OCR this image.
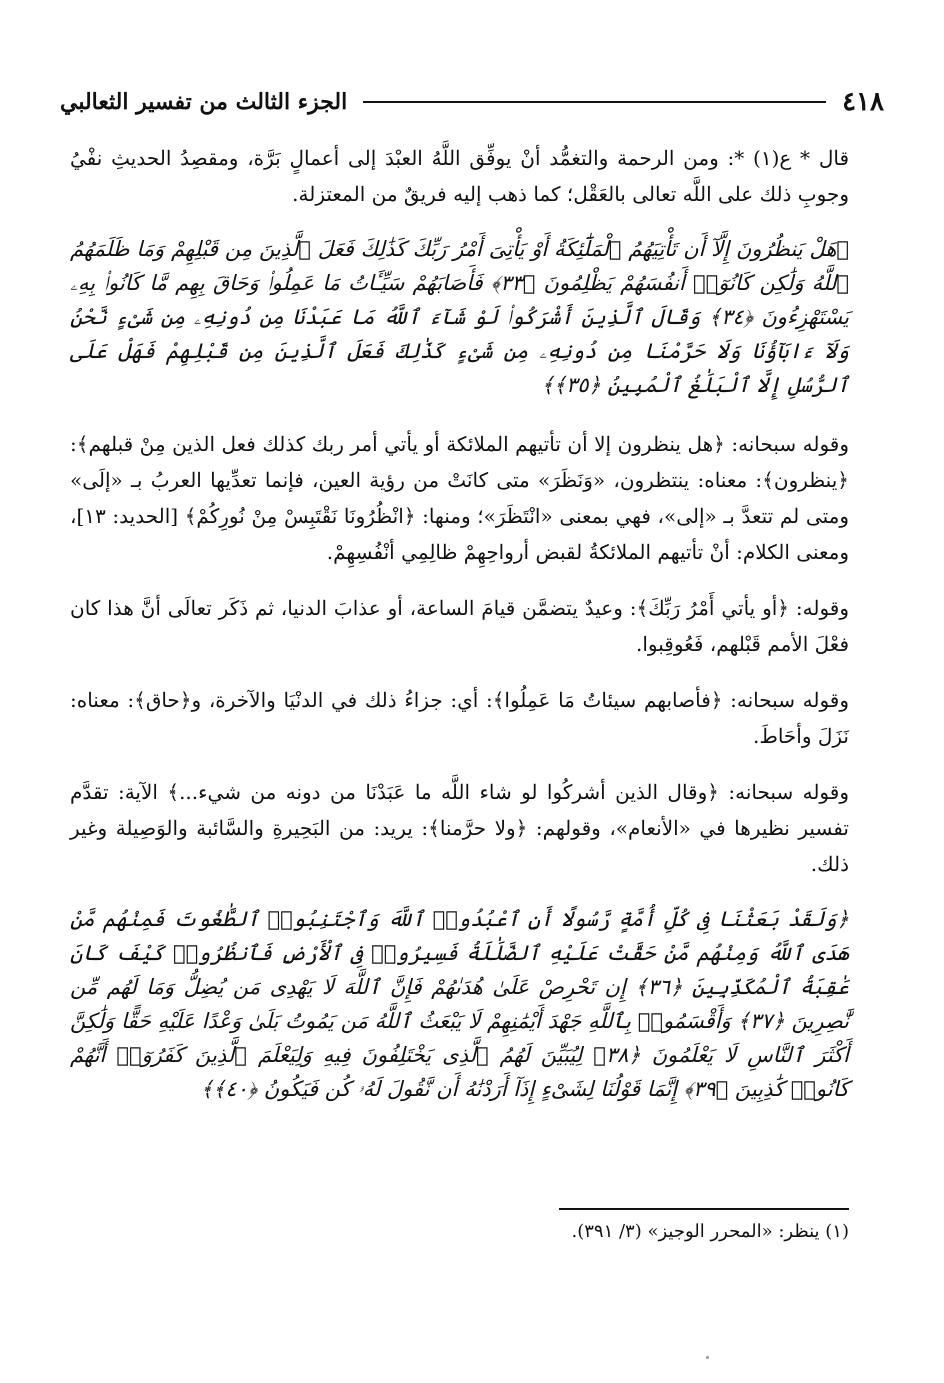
٤١٨
الجزء الثالث من تفسير الثعالبي

قال * ع(١) *: ومن الرحمة والتغمُّد أنْ يوفِّق اللَّهُ العبْدَ إلى أعمالٍ بَرَّة، ومقصِدُ الحديثِ نفْيُ وجوبِ ذلك على اللَّه تعالى بالعَقْل؛ كما ذهب إليه فريقٌ من المعتزلة.

﴿هَلْ يَنظُرُونَ إِلَّآ أَن تَأْتِيَهُمُ ٱلْمَلَٰٓئِكَةُ أَوْ يَأْتِىَ أَمْرُ رَبِّكَ كَذَٰلِكَ فَعَلَ ٱلَّذِينَ مِن قَبْلِهِمْ وَمَا ظَلَمَهُمُ ٱللَّهُ وَلَٰكِن كَانُوٓا۟ أَنفُسَهُمْ يَظْلِمُونَ ﴿٣٣﴾ فَأَصَابَهُمْ سَيِّـَٔاتُ مَا عَمِلُوا۟ وَحَاقَ بِهِم مَّا كَانُوا۟ بِهِۦ يَسْتَهْزِءُونَ ﴿٣٤﴾ وَقَالَ ٱلَّذِينَ أَشْرَكُوا۟ لَوْ شَآءَ ٱللَّهُ مَا عَبَدْنَا مِن دُونِهِۦ مِن شَىْءٍ نَّحْنُ وَلَآ ءَابَآؤُنَا وَلَا حَرَّمْنَا مِن دُونِهِۦ مِن شَىْءٍ كَذَٰلِكَ فَعَلَ ٱلَّذِينَ مِن قَبْلِهِمْ فَهَلْ عَلَى ٱلرُّسُلِ إِلَّا ٱلْبَلَٰغُ ٱلْمُبِينُ ﴿٣٥﴾﴾

وقوله سبحانه: ﴿هل ينظرون إلا أن تأتيهم الملائكة أو يأتي أمر ربك كذلك فعل الذين مِنْ قبلهم﴾: ﴿ينظرون﴾: معناه: ينتظرون، «وَنَظَرَ» متى كانَتْ من رؤية العين، فإنما تعدِّيها العربُ بـ «إلَى» ومتى لم تتعدَّ بـ «إلى»، فهي بمعنى «انْتَظَرَ»؛ ومنها: ﴿انْظُرُونَا نَقْتَبِسْ مِنْ نُورِكُمْ﴾ [الحديد: ١٣]، ومعنى الكلام: أنْ تأتيهم الملائكةُ لقبض أرواحِهِمْ ظالِمِي أنْفُسِهِمْ.

وقوله: ﴿أو يأتي أَمْرُ رَبِّكَ﴾: وعيدٌ يتضمَّن قيامَ الساعة، أو عذابَ الدنيا، ثم ذَكَر تعالَى أنَّ هذا كان فعْلَ الأمم قَبْلهم، فَعُوقِبوا.

وقوله سبحانه: ﴿فأصابهم سيئاتُ مَا عَمِلُوا﴾: أي: جزاءُ ذلك في الدنْيَا والآخرة، و﴿حاق﴾: معناه: نَزَلَ وأحَاطَ.

وقوله سبحانه: ﴿وقال الذين أشركُوا لو شاء اللَّه ما عَبَدْنَا من دونه من شيء...﴾ الآية: تقدَّم تفسير نظيرها في «الأنعام»، وقولهم: ﴿ولا حرَّمنا﴾: يريد: من البَحِيرةِ والسَّائبة والوَصِيلة وغير ذلك.

﴿وَلَقَدْ بَعَثْنَا فِى كُلِّ أُمَّةٍ رَّسُولًا أَنِ ٱعْبُدُوا۟ ٱللَّهَ وَٱجْتَنِبُوا۟ ٱلطَّٰغُوتَ فَمِنْهُم مَّنْ هَدَى ٱللَّهُ وَمِنْهُم مَّنْ حَقَّتْ عَلَيْهِ ٱلضَّلَٰلَةُ فَسِيرُوا۟ فِى ٱلْأَرْضِ فَٱنظُرُوا۟ كَيْفَ كَانَ عَٰقِبَةُ ٱلْمُكَذِّبِينَ ﴿٣٦﴾ إِن تَحْرِصْ عَلَىٰ هُدَىٰهُمْ فَإِنَّ ٱللَّهَ لَا يَهْدِى مَن يُضِلُّ وَمَا لَهُم مِّن نَّٰصِرِينَ ﴿٣٧﴾ وَأَقْسَمُوا۟ بِٱللَّهِ جَهْدَ أَيْمَٰنِهِمْ لَا يَبْعَثُ ٱللَّهُ مَن يَمُوتُ بَلَىٰ وَعْدًا عَلَيْهِ حَقًّا وَلَٰكِنَّ أَكْثَرَ ٱلنَّاسِ لَا يَعْلَمُونَ ﴿٣٨﴾ لِيُبَيِّنَ لَهُمُ ٱلَّذِى يَخْتَلِفُونَ فِيهِ وَلِيَعْلَمَ ٱلَّذِينَ كَفَرُوٓا۟ أَنَّهُمْ كَانُوا۟ كَٰذِبِينَ ﴿٣٩﴾ إِنَّمَا قَوْلُنَا لِشَىْءٍ إِذَآ أَرَدْنَٰهُ أَن نَّقُولَ لَهُۥ كُن فَيَكُونُ ﴿٤٠﴾﴾

(١) ينظر: «المحرر الوجيز» (٣/ ٣٩١).
